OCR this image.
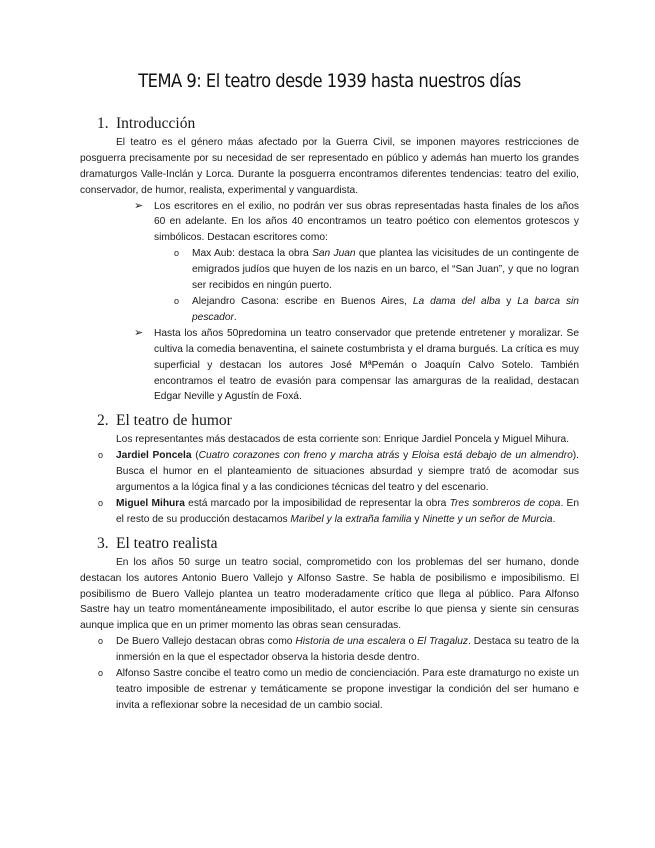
TEMA 9: El teatro desde 1939 hasta nuestros días
1. Introducción

El teatro es el género máas afectado por la Guerra Civil, se imponen mayores restricciones de posguerra precisamente por su necesidad de ser representado en público y además han muerto los grandes dramaturgos Valle-Inclán y Lorca. Durante la posguerra encontramos diferentes tendencias: teatro del exilio, conservador, de humor, realista, experimental y vanguardista.

➢ Los escritores en el exilio, no podrán ver sus obras representadas hasta finales de los años 60 en adelante. En los años 40 encontramos un teatro poético con elementos grotescos y simbólicos. Destacan escritores como:
o Max Aub: destaca la obra San Juan que plantea las vicisitudes de un contingente de emigrados judíos que huyen de los nazis en un barco, el “San Juan”, y que no logran ser recibidos en ningún puerto.
o Alejandro Casona: escribe en Buenos Aires, La dama del alba y La barca sin pescador.
➢ Hasta los años 50predomina un teatro conservador que pretende entretener y moralizar. Se cultiva la comedia benaventina, el sainete costumbrista y el drama burgués. La crítica es muy superficial y destacan los autores José MªPemán o Joaquín Calvo Sotelo. También encontramos el teatro de evasión para compensar las amarguras de la realidad, destacan Edgar Neville y Agustín de Foxá.
2. El teatro de humor

Los representantes más destacados de esta corriente son: Enrique Jardiel Poncela y Miguel Mihura.

o Jardiel Poncela (Cuatro corazones con freno y marcha atrás y Eloisa está debajo de un almendro). Busca el humor en el planteamiento de situaciones absurdad y siempre trató de acomodar sus argumentos a la lógica final y a las condiciones técnicas del teatro y del escenario.
o Miguel Mihura está marcado por la imposibilidad de representar la obra Tres sombreros de copa. En el resto de su producción destacamos Maribel y la extraña familia y Ninette y un señor de Murcia.
3. El teatro realista

En los años 50 surge un teatro social, comprometido con los problemas del ser humano, donde destacan los autores Antonio Buero Vallejo y Alfonso Sastre. Se habla de posibilismo e imposibilismo. El posibilismo de Buero Vallejo plantea un teatro moderadamente crítico que llega al público. Para Alfonso Sastre hay un teatro momentáneamente imposibilitado, el autor escribe lo que piensa y siente sin censuras aunque implica que en un primer momento las obras sean censuradas.

o De Buero Vallejo destacan obras como Historia de una escalera o El Tragaluz. Destaca su teatro de la inmersión en la que el espectador observa la historia desde dentro.
o Alfonso Sastre concibe el teatro como un medio de concienciación. Para este dramaturgo no existe un teatro imposible de estrenar y temáticamente se propone investigar la condición del ser humano e invita a reflexionar sobre la necesidad de un cambio social.
